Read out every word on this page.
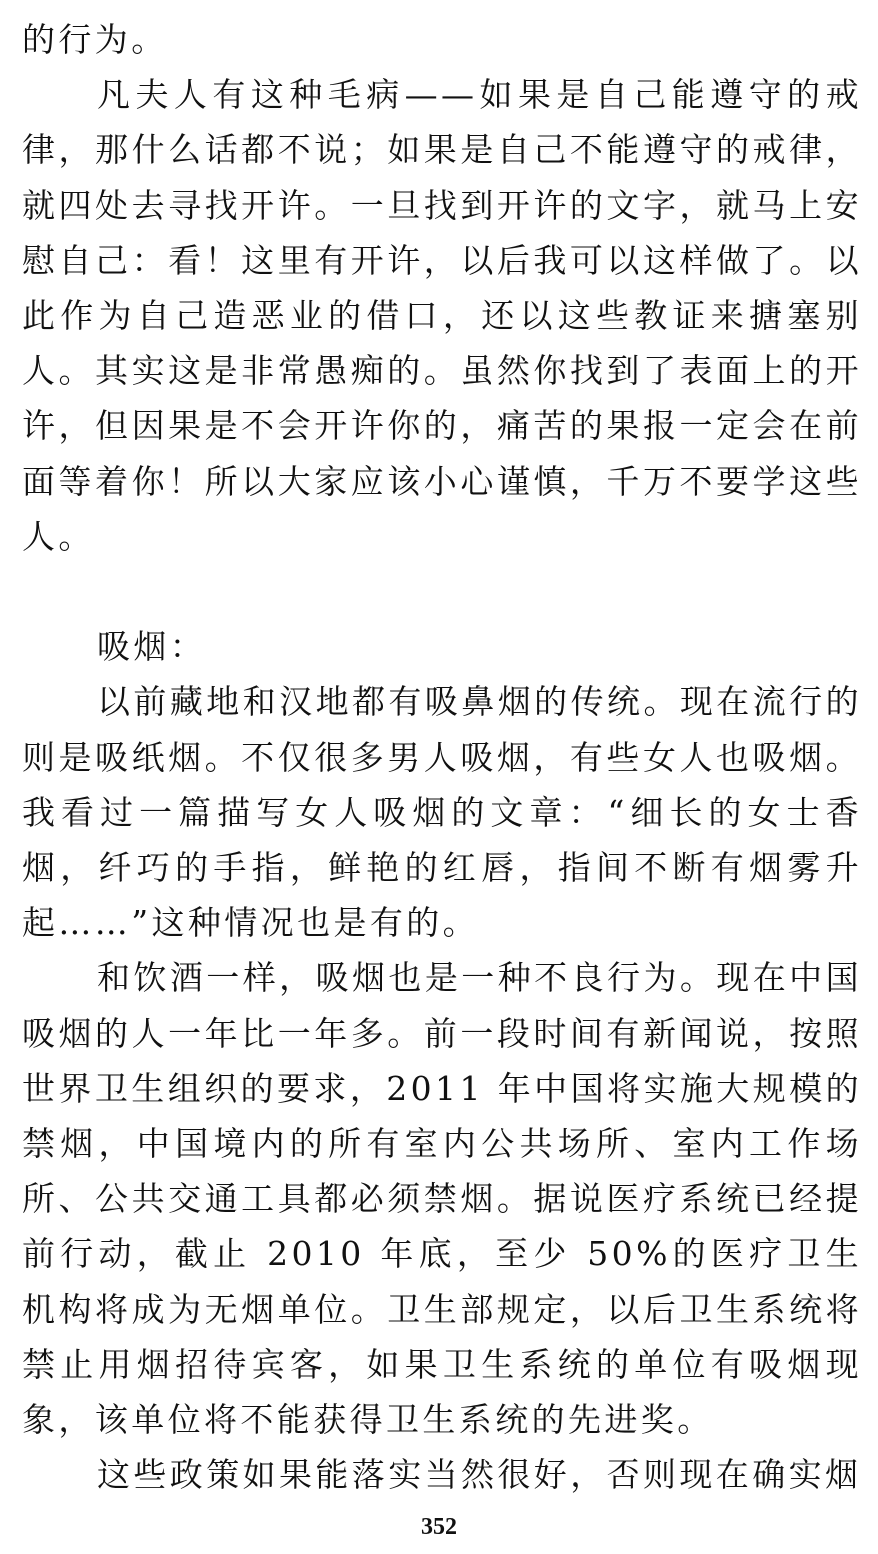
的行为。

凡夫人有这种毛病——如果是自己能遵守的戒律，那什么话都不说；如果是自己不能遵守的戒律，就四处去寻找开许。一旦找到开许的文字，就马上安慰自己：看！这里有开许，以后我可以这样做了。以此作为自己造恶业的借口，还以这些教证来搪塞别人。其实这是非常愚痴的。虽然你找到了表面上的开许，但因果是不会开许你的，痛苦的果报一定会在前面等着你！所以大家应该小心谨慎，千万不要学这些人。

吸烟：

以前藏地和汉地都有吸鼻烟的传统。现在流行的则是吸纸烟。不仅很多男人吸烟，有些女人也吸烟。我看过一篇描写女人吸烟的文章：“细长的女士香烟，纤巧的手指，鲜艳的红唇，指间不断有烟雾升起……”这种情况也是有的。

和饮酒一样，吸烟也是一种不良行为。现在中国吸烟的人一年比一年多。前一段时间有新闻说，按照世界卫生组织的要求，2011 年中国将实施大规模的禁烟，中国境内的所有室内公共场所、室内工作场所、公共交通工具都必须禁烟。据说医疗系统已经提前行动，截止 2010 年底，至少 50%的医疗卫生机构将成为无烟单位。卫生部规定，以后卫生系统将禁止用烟招待宾客，如果卫生系统的单位有吸烟现象，该单位将不能获得卫生系统的先进奖。

这些政策如果能落实当然很好，否则现在确实烟

352
